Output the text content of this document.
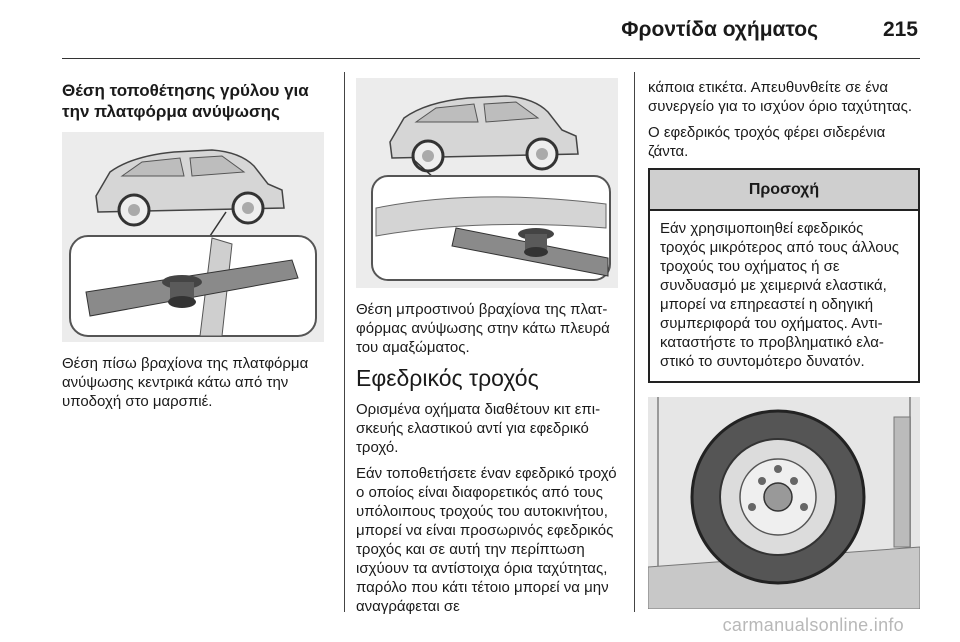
Φροντίδα οχήματος	215
Θέση τοποθέτησης γρύλου για την πλατφόρμα ανύψωσης

Θέση πίσω βραχίονα της πλατφόρμα ανύψωσης κεντρικά κάτω από την υποδοχή στο μαρσπιέ.

Θέση μπροστινού βραχίονα της πλατφόρμας ανύψωσης στην κάτω πλευρά του αμαξώματος.

Εφεδρικός τροχός

Ορισμένα οχήματα διαθέτουν κιτ επισκευής ελαστικού αντί για εφεδρικό τροχό.

Εάν τοποθετήσετε έναν εφεδρικό τροχό ο οποίος είναι διαφορετικός από τους υπόλοιπους τροχούς του αυτοκινήτου, μπορεί να είναι προσωρινός εφεδρικός τροχός και σε αυτή την περίπτωση ισχύουν τα αντίστοιχα όρια ταχύτητας, παρόλο που κάτι τέτοιο μπορεί να μην αναγράφεται σε

κάποια ετικέτα. Απευθυνθείτε σε ένα συνεργείο για το ισχύον όριο ταχύτητας.

Ο εφεδρικός τροχός φέρει σιδερένια ζάντα.

Προσοχή
Εάν χρησιμοποιηθεί εφεδρικός τροχός μικρότερος από τους άλλους τροχούς του οχήματος ή σε συνδυασμό με χειμερινά ελαστικά, μπορεί να επηρεαστεί η οδηγική συμπεριφορά του οχήματος. Αντικαταστήστε το προβληματικό ελαστικό το συντομότερο δυνατόν.
carmanualsonline.info
